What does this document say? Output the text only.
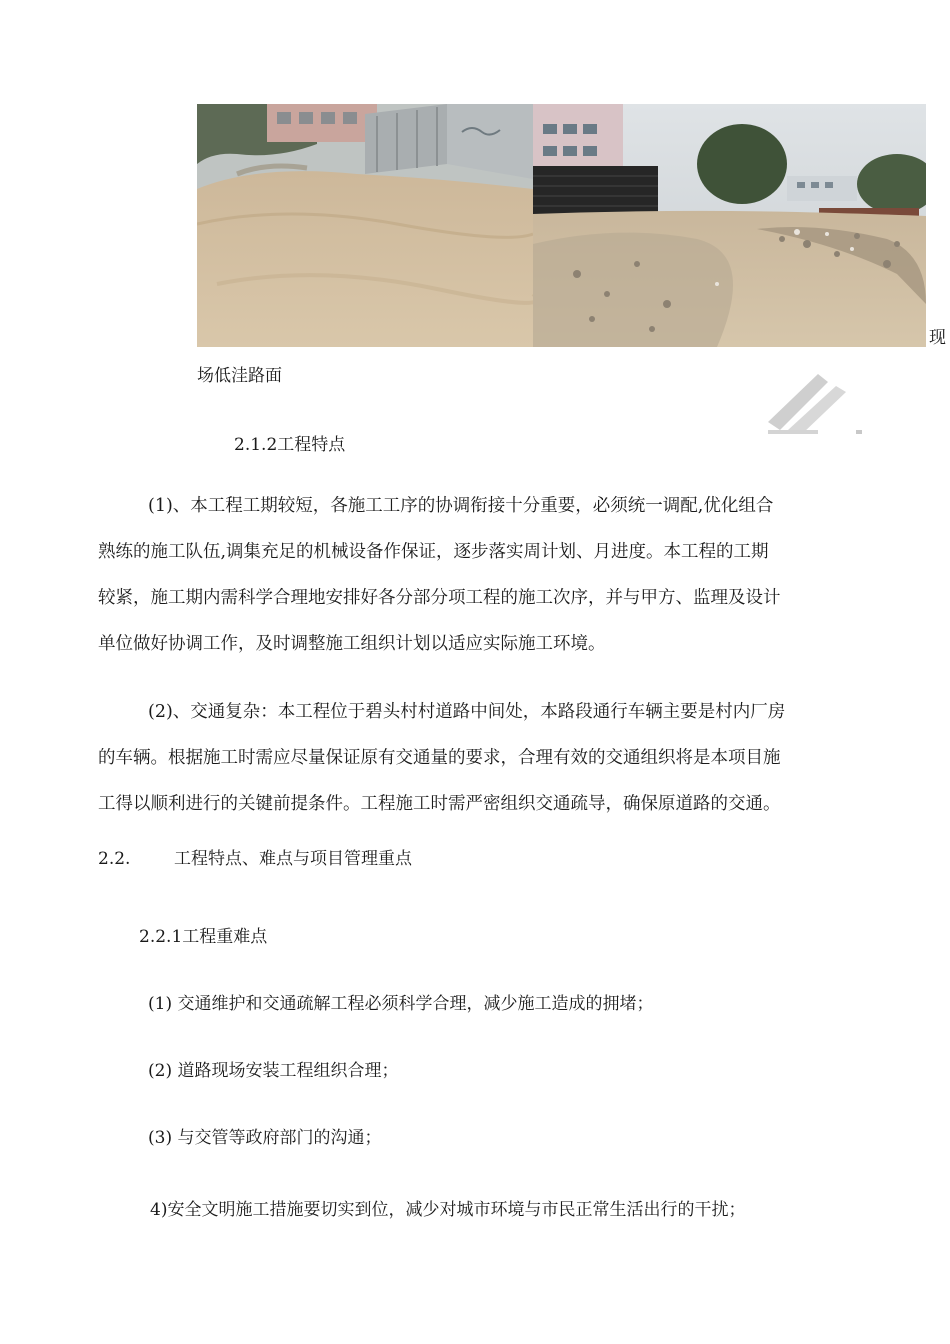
现
场低洼路面
2.1.2工程特点
(1)、本工程工期较短，各施工工序的协调衔接十分重要，必须统一调配,优化组合
熟练的施工队伍,调集充足的机械设备作保证，逐步落实周计划、月进度。本工程的工期
较紧，施工期内需科学合理地安排好各分部分项工程的施工次序，并与甲方、监理及设计
单位做好协调工作，及时调整施工组织计划以适应实际施工环境。
(2)、交通复杂：本工程位于碧头村村道路中间处，本路段通行车辆主要是村内厂房
的车辆。根据施工时需应尽量保证原有交通量的要求，合理有效的交通组织将是本项目施
工得以顺利进行的关键前提条件。工程施工时需严密组织交通疏导，确保原道路的交通。
2.2.	工程特点、难点与项目管理重点
2.2.1工程重难点
(1) 交通维护和交通疏解工程必须科学合理，减少施工造成的拥堵；
(2) 道路现场安装工程组织合理；
(3) 与交管等政府部门的沟通；
4)安全文明施工措施要切实到位，减少对城市环境与市民正常生活出行的干扰；
